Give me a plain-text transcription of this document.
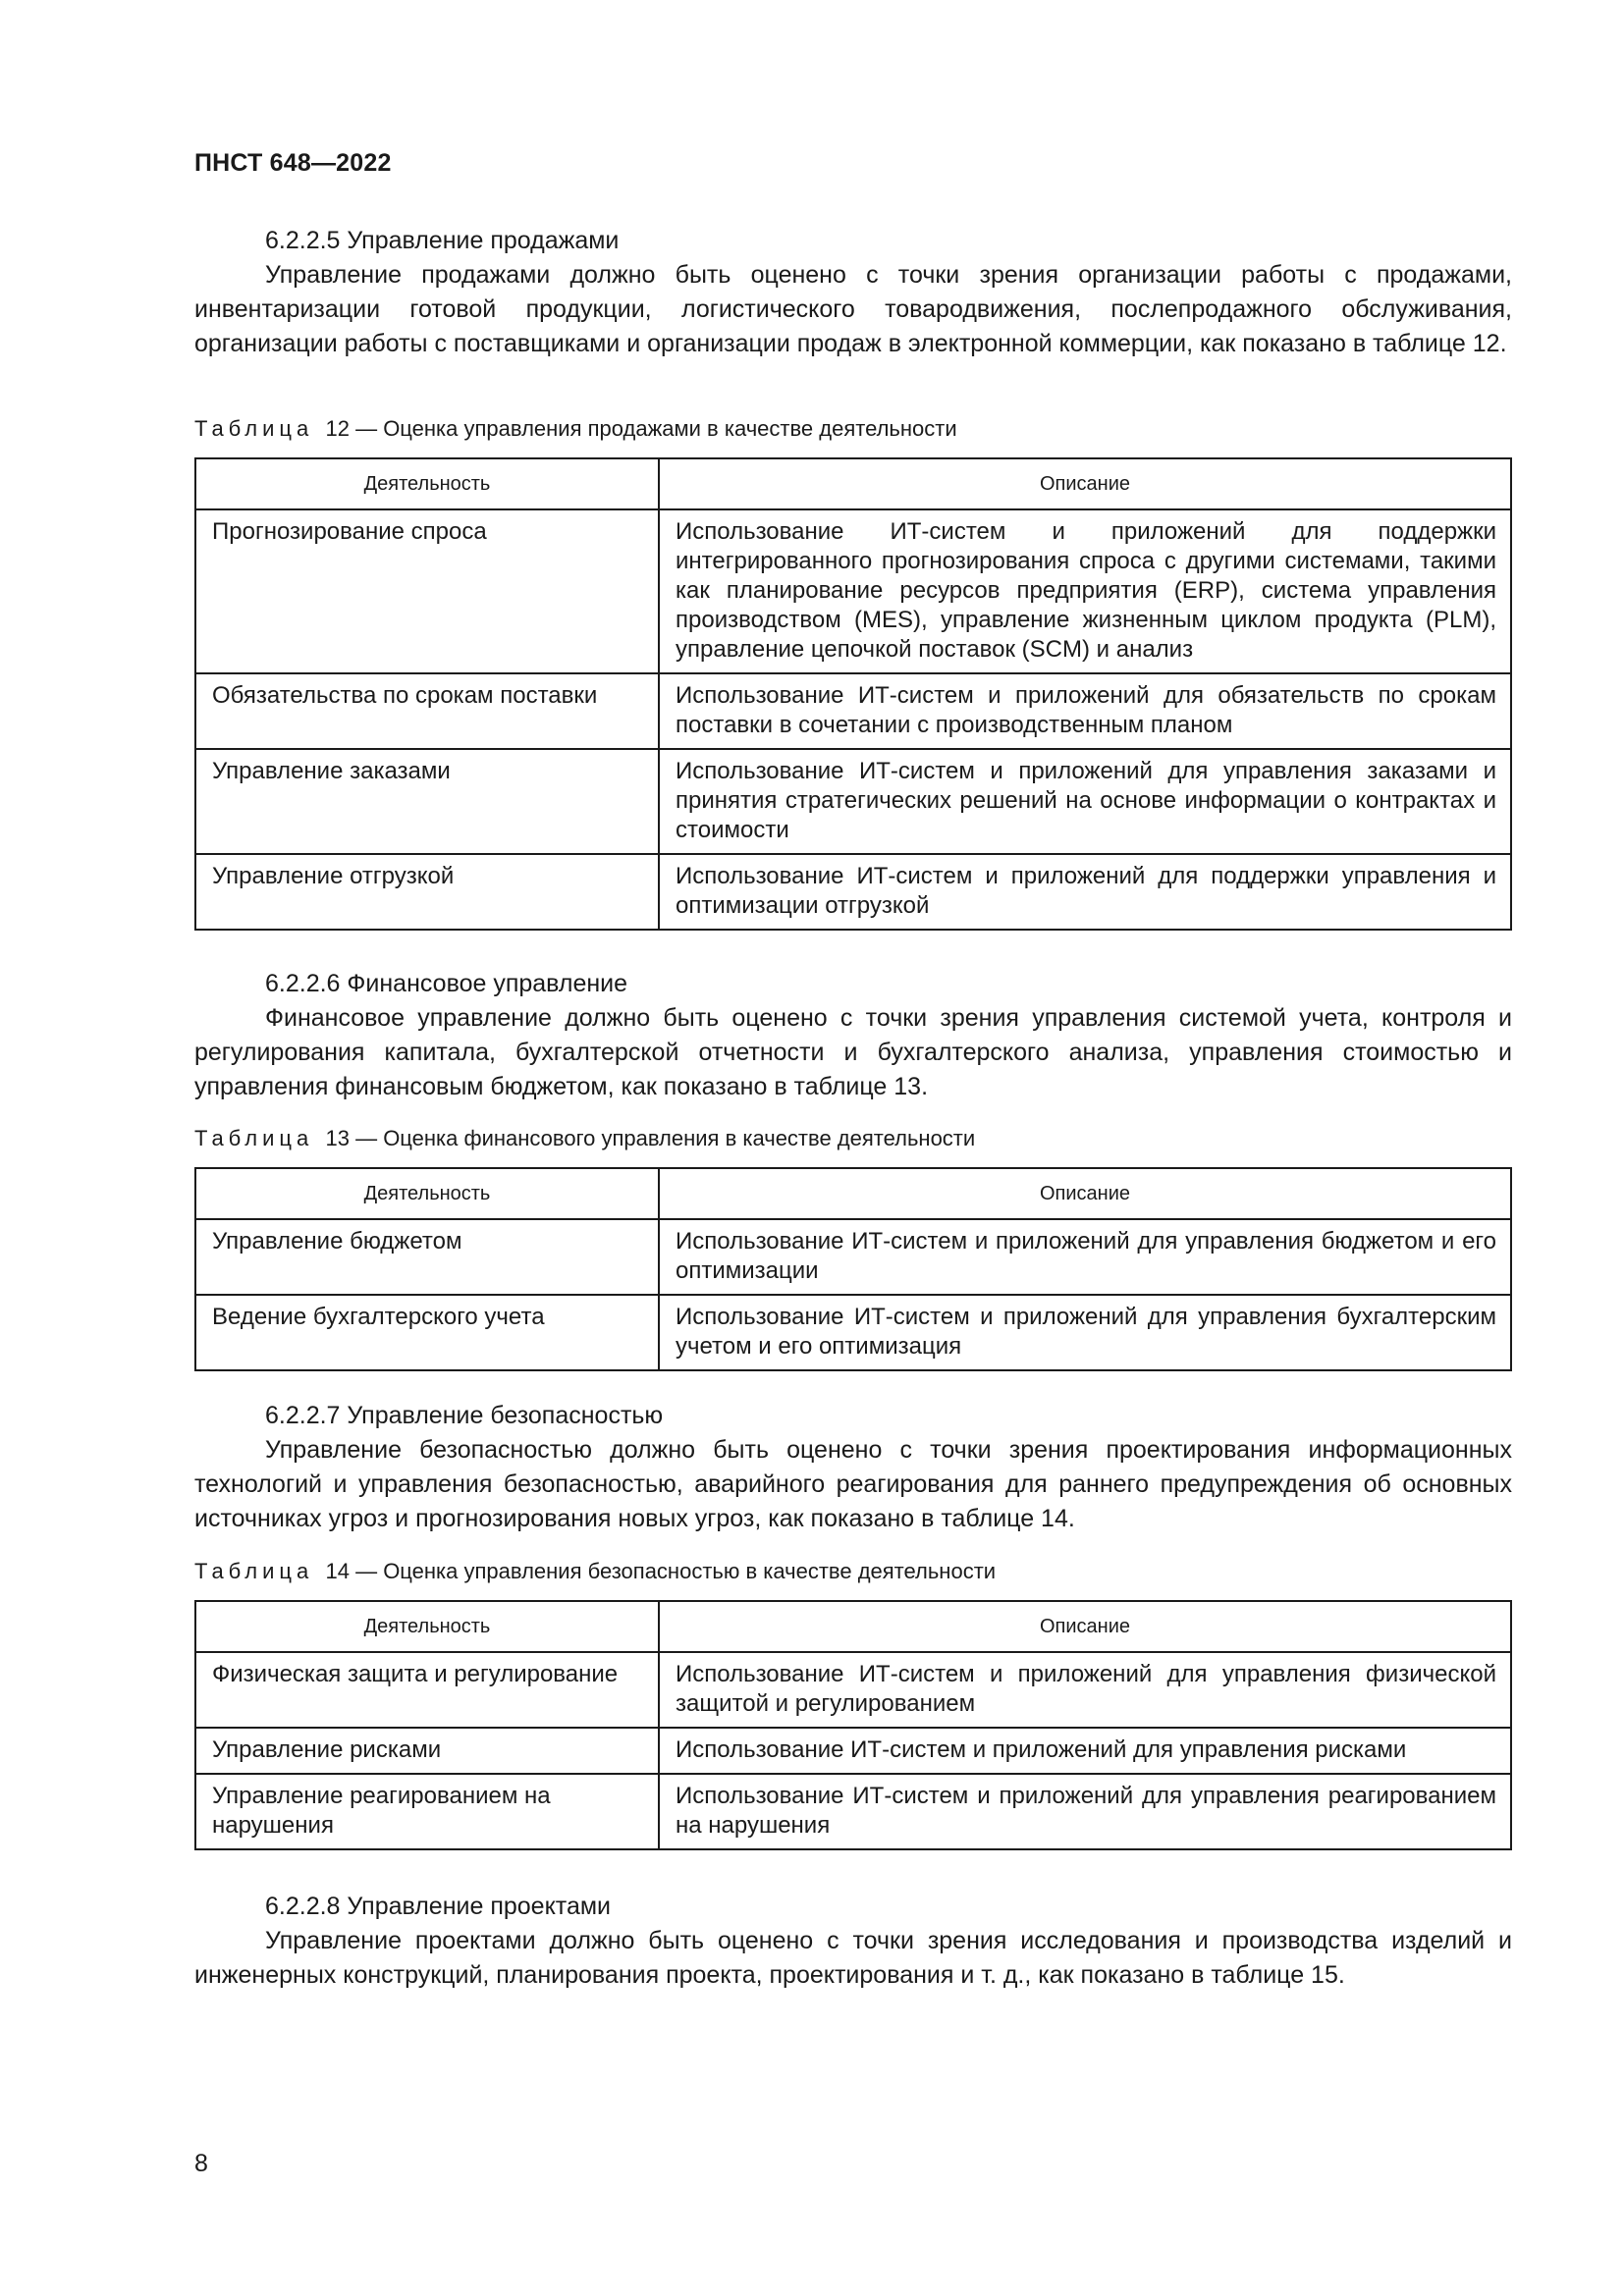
ПНСТ 648—2022

6.2.2.5 Управление продажами

Управление продажами должно быть оценено с точки зрения организации работы с продажами, инвентаризации готовой продукции, логистического товародвижения, послепродажного обслуживания, организации работы с поставщиками и организации продаж в электронной коммерции, как показано в таблице 12.

Таблица 12 — Оценка управления продажами в качестве деятельности
Деятельность	Описание
Прогнозирование спроса	Использование ИТ-систем и приложений для поддержки интегрированного прогнозирования спроса с другими системами, такими как планирование ресурсов предприятия (ERP), система управления производством (MES), управление жизненным циклом продукта (PLM), управление цепочкой поставок (SCM) и анализ
Обязательства по срокам поставки	Использование ИТ-систем и приложений для обязательств по срокам поставки в сочетании с производственным планом
Управление заказами	Использование ИТ-систем и приложений для управления заказами и принятия стратегических решений на основе информации о контрактах и стоимости
Управление отгрузкой	Использование ИТ-систем и приложений для поддержки управления и оптимизации отгрузкой

6.2.2.6 Финансовое управление

Финансовое управление должно быть оценено с точки зрения управления системой учета, контроля и регулирования капитала, бухгалтерской отчетности и бухгалтерского анализа, управления стоимостью и управления финансовым бюджетом, как показано в таблице 13.

Таблица 13 — Оценка финансового управления в качестве деятельности
Деятельность	Описание
Управление бюджетом	Использование ИТ-систем и приложений для управления бюджетом и его оптимизации
Ведение бухгалтерского учета	Использование ИТ-систем и приложений для управления бухгалтерским учетом и его оптимизация

6.2.2.7 Управление безопасностью

Управление безопасностью должно быть оценено с точки зрения проектирования информационных технологий и управления безопасностью, аварийного реагирования для раннего предупреждения об основных источниках угроз и прогнозирования новых угроз, как показано в таблице 14.

Таблица 14 — Оценка управления безопасностью в качестве деятельности
Деятельность	Описание
Физическая защита и регулирование	Использование ИТ-систем и приложений для управления физической защитой и регулированием
Управление рисками	Использование ИТ-систем и приложений для управления рисками
Управление реагированием на нарушения	Использование ИТ-систем и приложений для управления реагированием на нарушения

6.2.2.8 Управление проектами

Управление проектами должно быть оценено с точки зрения исследования и производства изделий и инженерных конструкций, планирования проекта, проектирования и т. д., как показано в таблице 15.

8
